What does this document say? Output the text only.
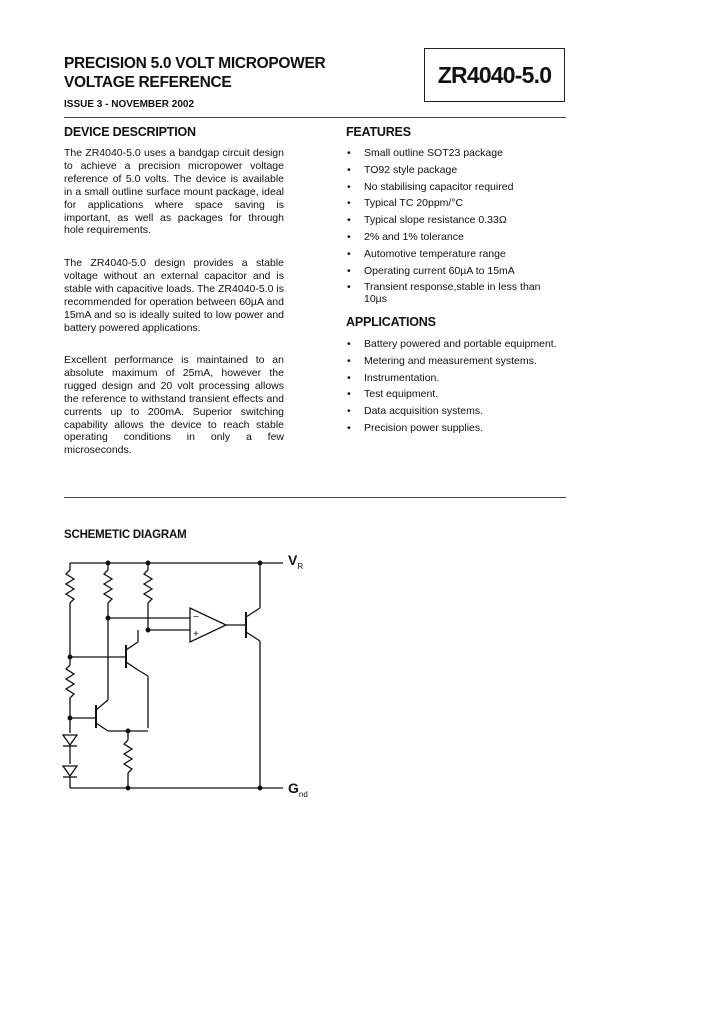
PRECISION 5.0 VOLT MICROPOWER
VOLTAGE REFERENCE
ISSUE 3 - NOVEMBER 2002
ZR4040-5.0
DEVICE DESCRIPTION

The ZR4040-5.0 uses a bandgap circuit design to achieve a precision micropower voltage reference of 5.0 volts. The device is available in a small outline surface mount package, ideal for applications where space saving is important, as well as packages for through hole requirements.

The ZR4040-5.0 design provides a stable voltage without an external capacitor and is stable with capacitive loads. The ZR4040-5.0 is recommended for operation between 60µA and 15mA and so is ideally suited to low power and battery powered applications.

Excellent performance is maintained to an absolute maximum of 25mA, however the rugged design and 20 volt processing allows the reference to withstand transient effects and currents up to 200mA. Superior switching capability allows the device to reach stable operating conditions in only a few microseconds.

FEATURES
• Small outline SOT23 package
• TO92 style package
• No stabilising capacitor required
• Typical TC 20ppm/°C
• Typical slope resistance 0.33Ω
• 2% and 1% tolerance
• Automotive temperature range
• Operating current 60µA to 15mA
• Transient response,stable in less than 10µs
APPLICATIONS
• Battery powered and portable equipment.
• Metering and measurement systems.
• Instrumentation.
• Test equipment.
• Data acquisition systems.
• Precision power supplies.
SCHEMETIC DIAGRAM
−
+
$V_R$
$G_{nd}$
